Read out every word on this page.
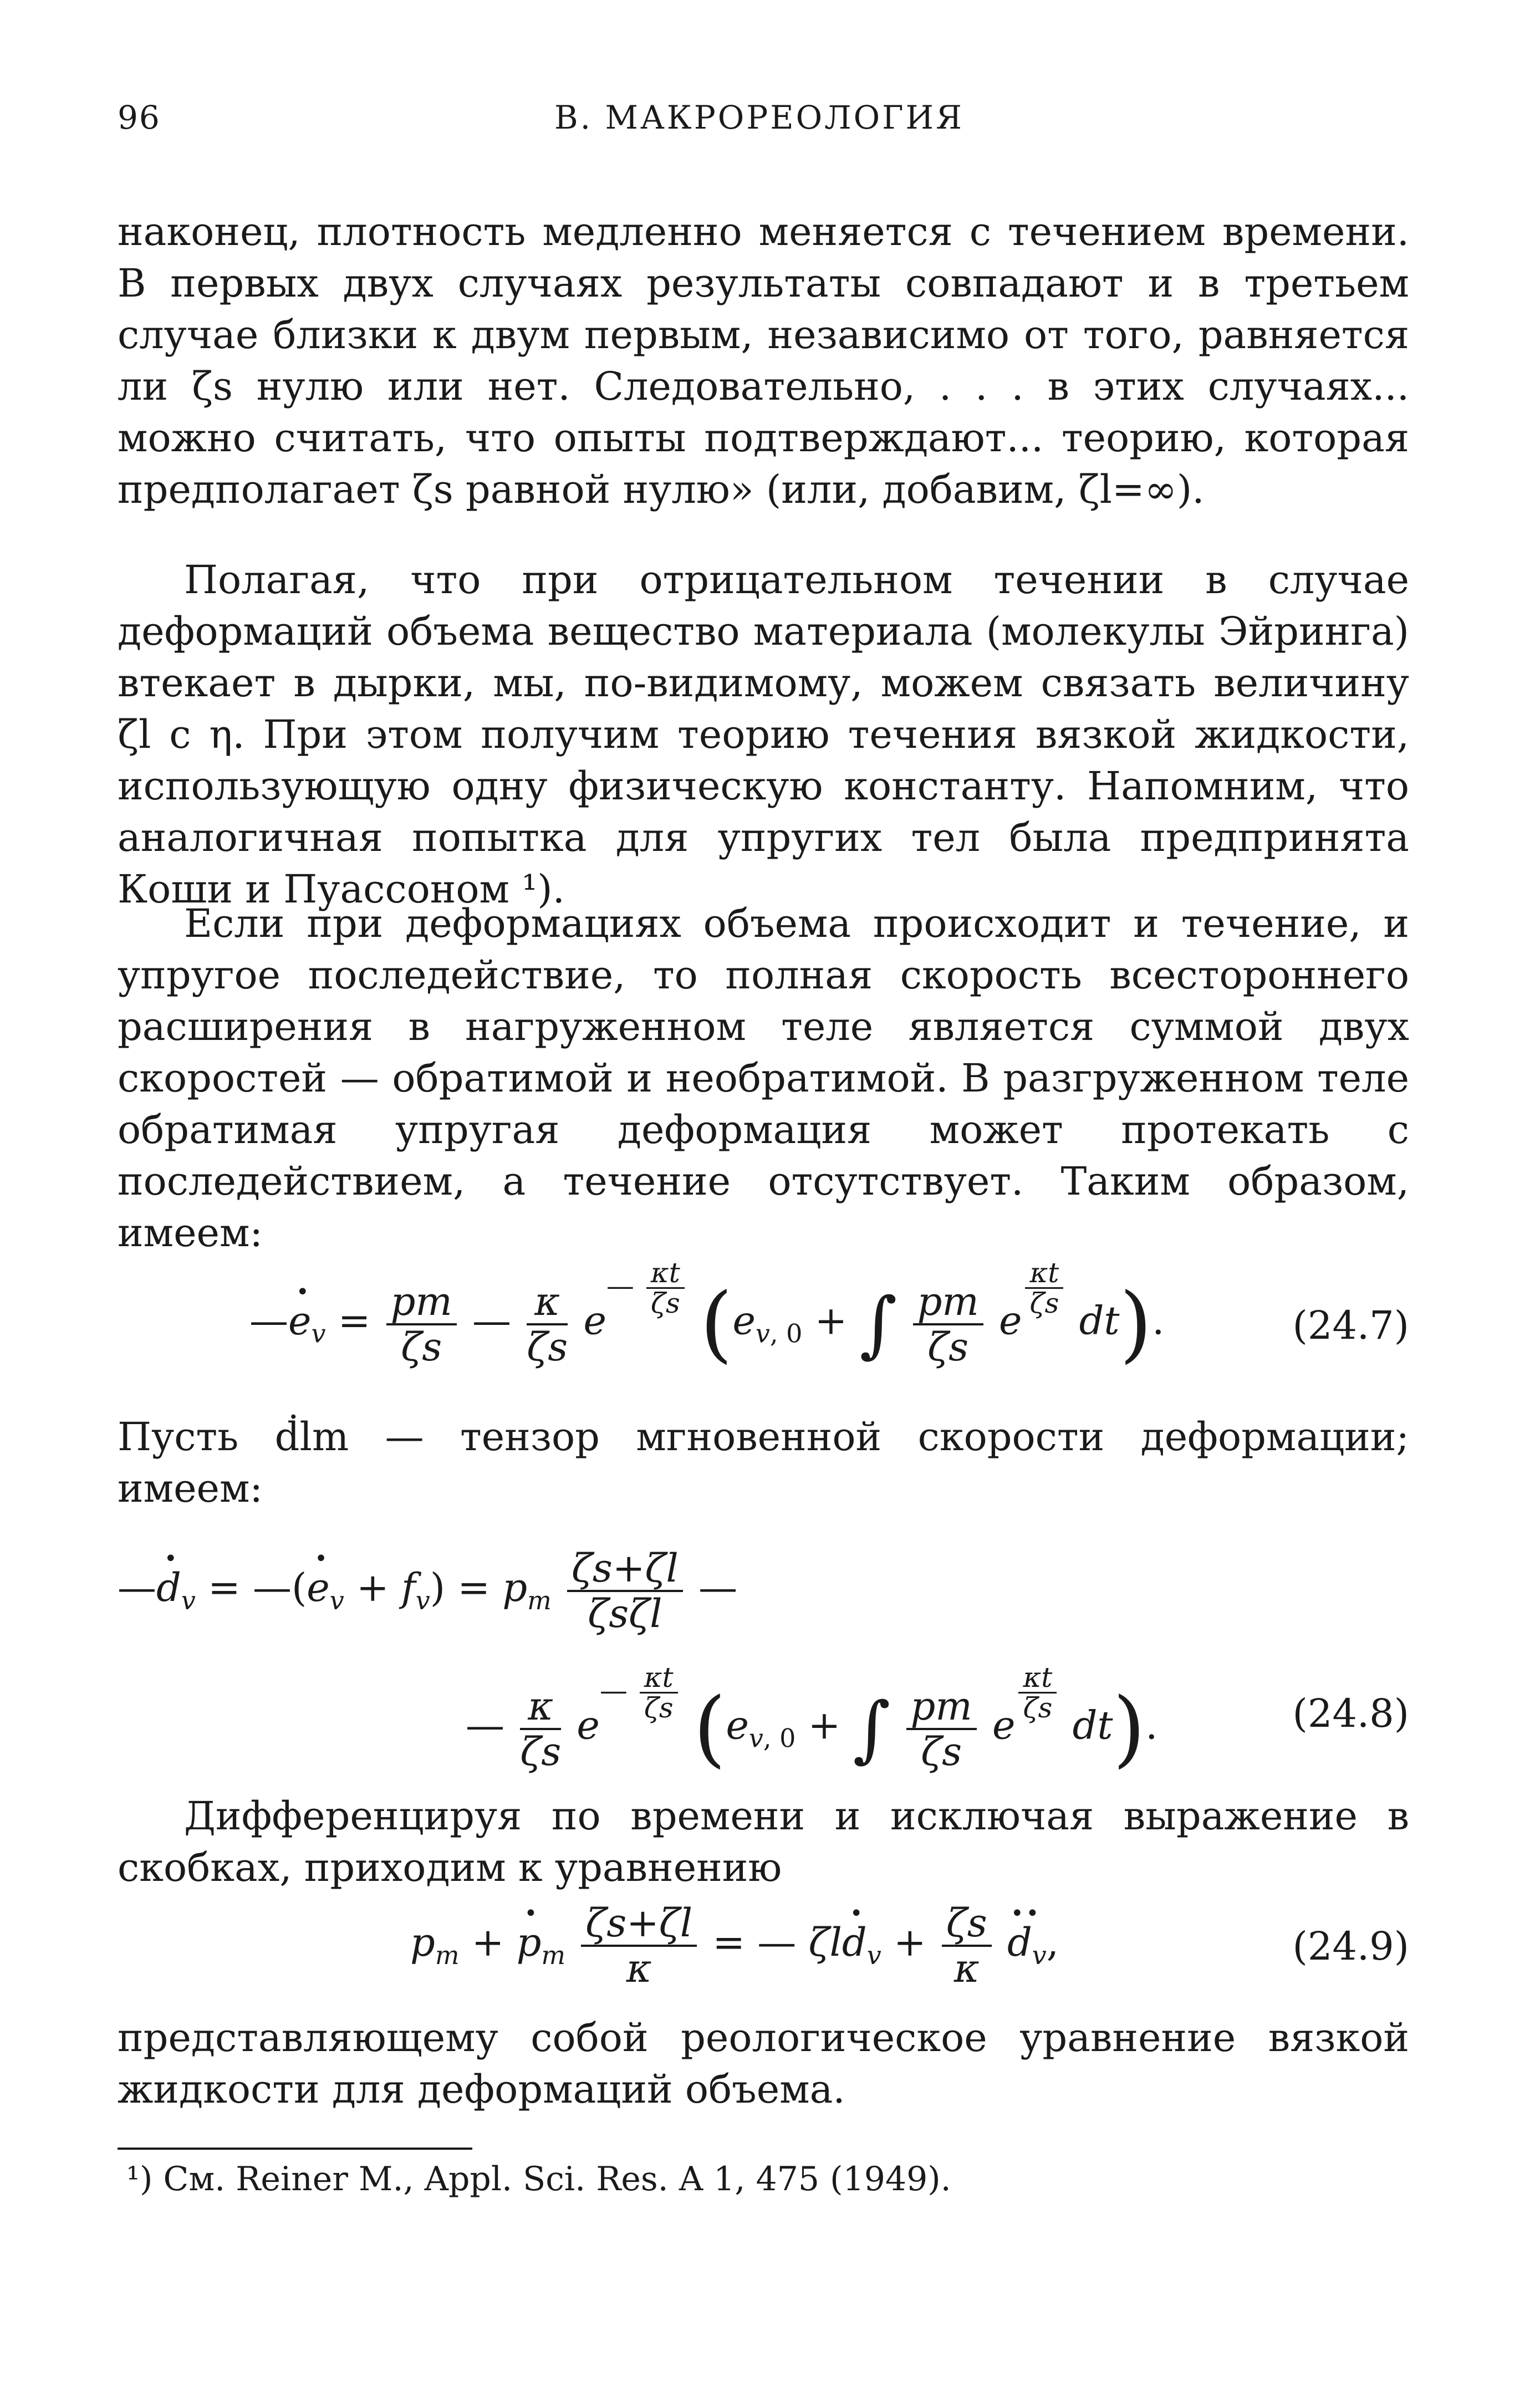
96	В. МАКРОРЕОЛОГИЯ

наконец, плотность медленно меняется с течением времени. В первых двух случаях результаты совпадают и в третьем случае близки к двум первым, независимо от того, равняется ли ζs нулю или нет. Следовательно, . . . в этих случаях... можно считать, что опыты подтверждают... теорию, которая предполагает ζs равной нулю» (или, добавим, ζl=∞).

Полагая, что при отрицательном течении в случае деформаций объема вещество материала (молекулы Эйринга) втекает в дырки, мы, по-видимому, можем связать величину ζl с η. При этом получим теорию течения вязкой жидкости, использующую одну физическую константу. Напомним, что аналогичная попытка для упругих тел была предпринята Коши и Пуассоном ¹).

Если при деформациях объема происходит и течение, и упругое последействие, то полная скорость всестороннего расширения в нагруженном теле является суммой двух скоростей — обратимой и необратимой. В разгруженном теле обратимая упругая деформация может протекать с последействием, а течение отсутствует. Таким образом, имеем:

—• $e_v = \frac{pm}{\zeta s}$ — $\frac{\kappa}{\zeta s}$ e— $\frac{\kappa t}{\zeta s} (e_{v, 0}$ + ∫ $\frac{pm}{\zeta s}$ e
$\frac{\kappa t}{\zeta s}$
dt).	(24.7)

Пусть ḋlm — тензор мгновенной скорости деформации; имеем:

—• $d_v$ = —(• $e_v + f_v) = p_m \frac{\zeta s+\zeta l}{\text{ζsζl}}$ —
— $\frac{\kappa}{\zeta s}$ e— $\frac{\kappa t}{\zeta s} (e_{v, 0}$ + ∫ $\frac{pm}{\zeta s}$ e
$\frac{\kappa t}{\zeta s}$
dt).	(24.8)

Дифференцируя по времени и исключая выражение в скобках, приходим к уравнению

$p_m$ + • $p_m \frac{\zeta s+\zeta l}{\kappa}$ = — ζl• $d_v + \frac{\zeta s}{\kappa}$
•• $d_v$,	(24.9)

представляющему собой реологическое уравнение вязкой жидкости для деформаций объема.

¹) См. Reiner M., Appl. Sci. Res. A 1, 475 (1949).
